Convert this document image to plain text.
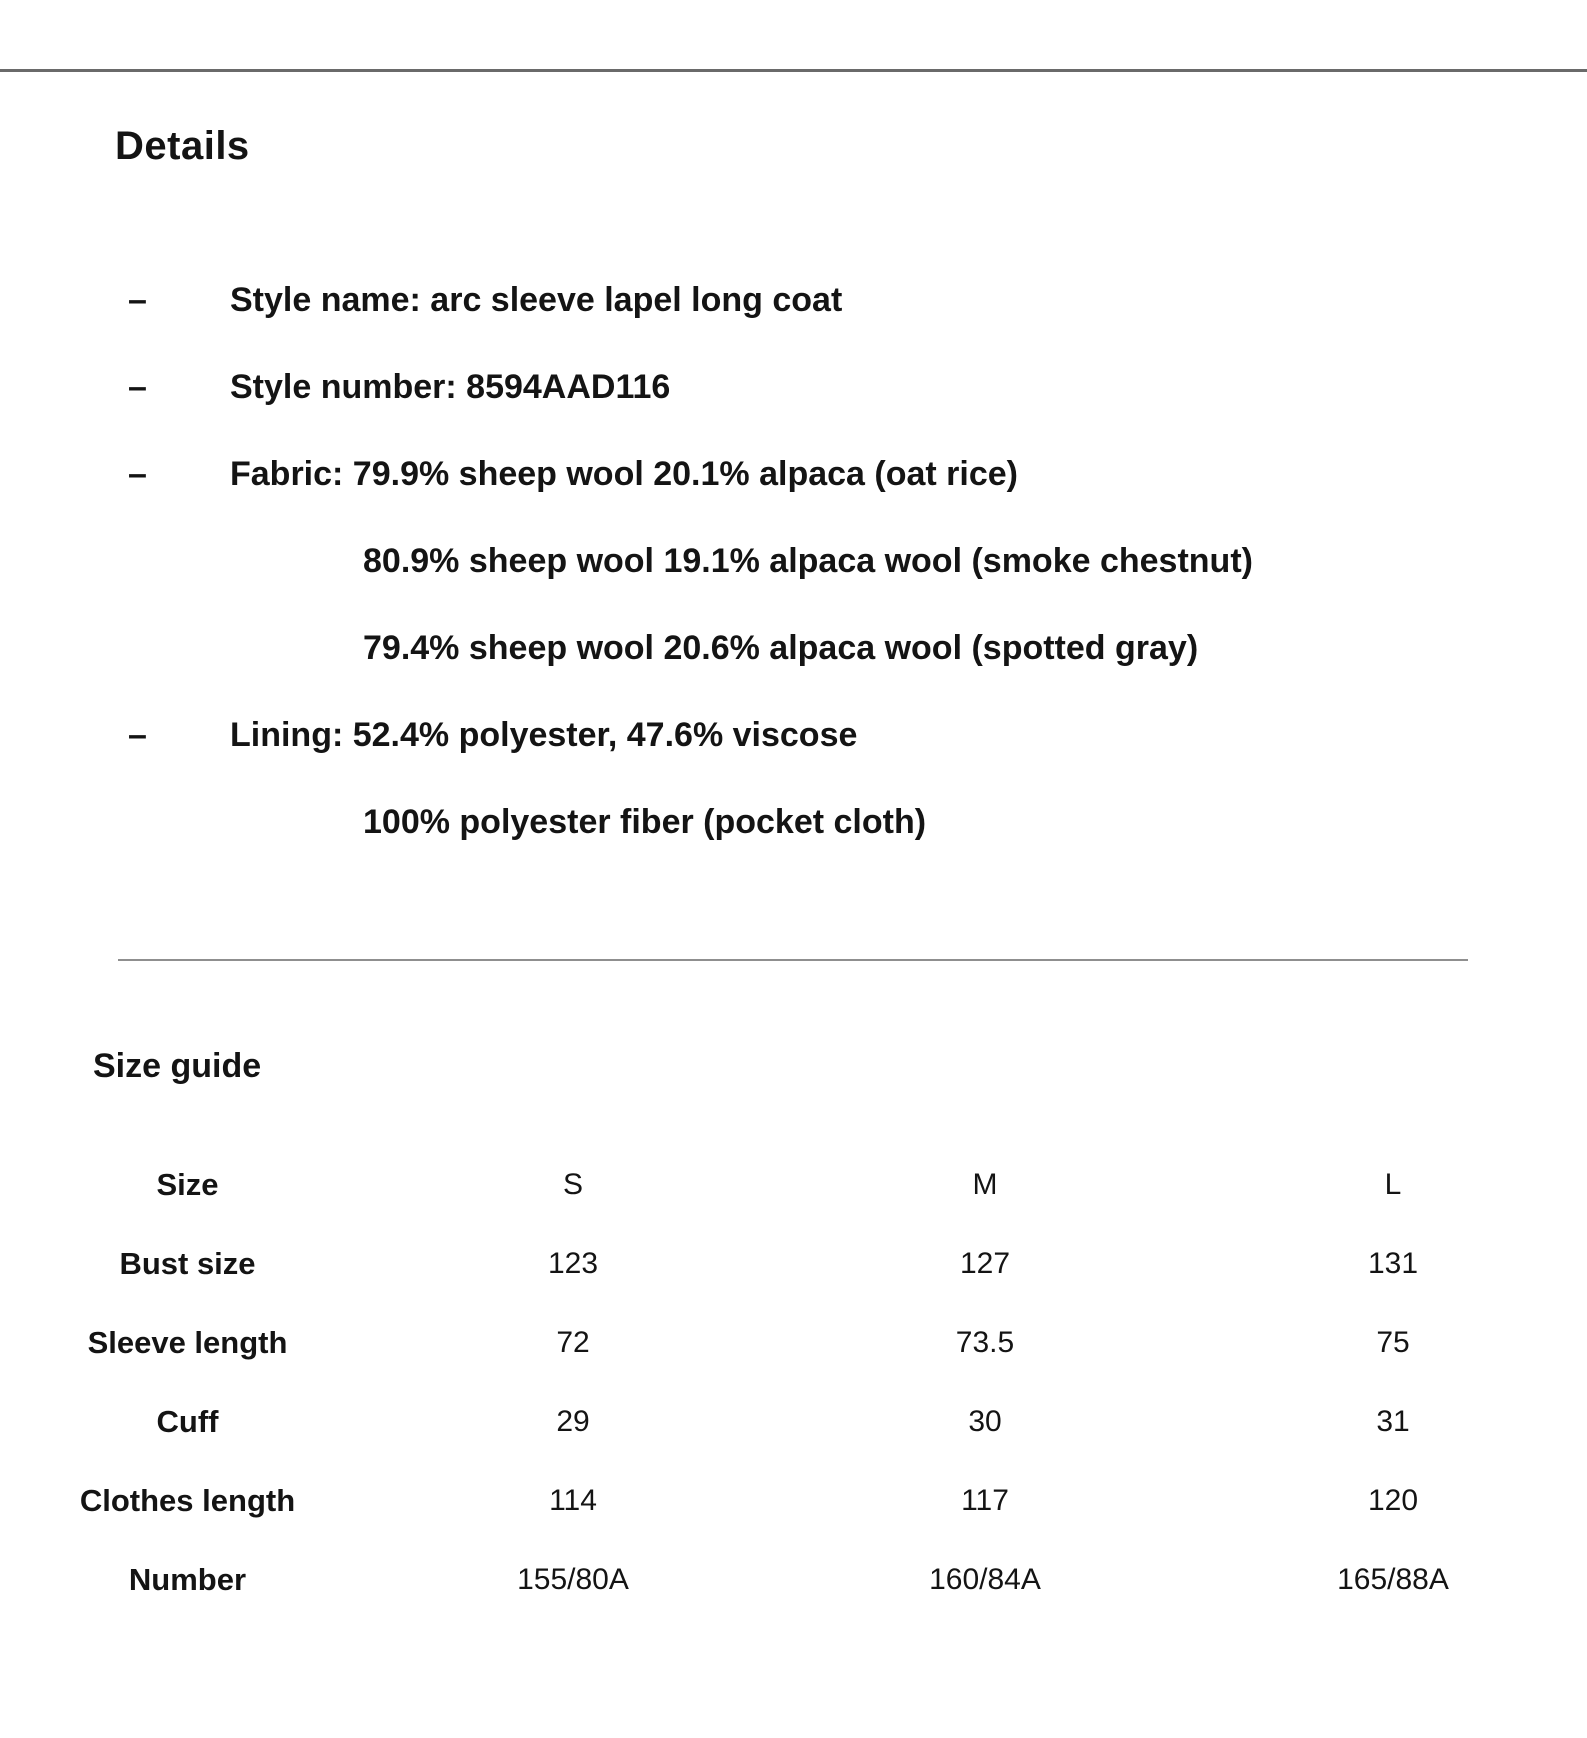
Details
–	Style name: arc sleeve lapel long coat
–	Style number: 8594AAD116
–	Fabric: 79.9% sheep wool 20.1% alpaca (oat rice)
80.9% sheep wool 19.1% alpaca wool (smoke chestnut)
79.4% sheep wool 20.6% alpaca wool (spotted gray)
–	Lining: 52.4% polyester, 47.6% viscose
100% polyester fiber (pocket cloth)
Size guide
Size	S	M	L
Bust size	123	127	131
Sleeve length	72	73.5	75
Cuff	29	30	31
Clothes length	114	117	120
Number	155/80A	160/84A	165/88A
